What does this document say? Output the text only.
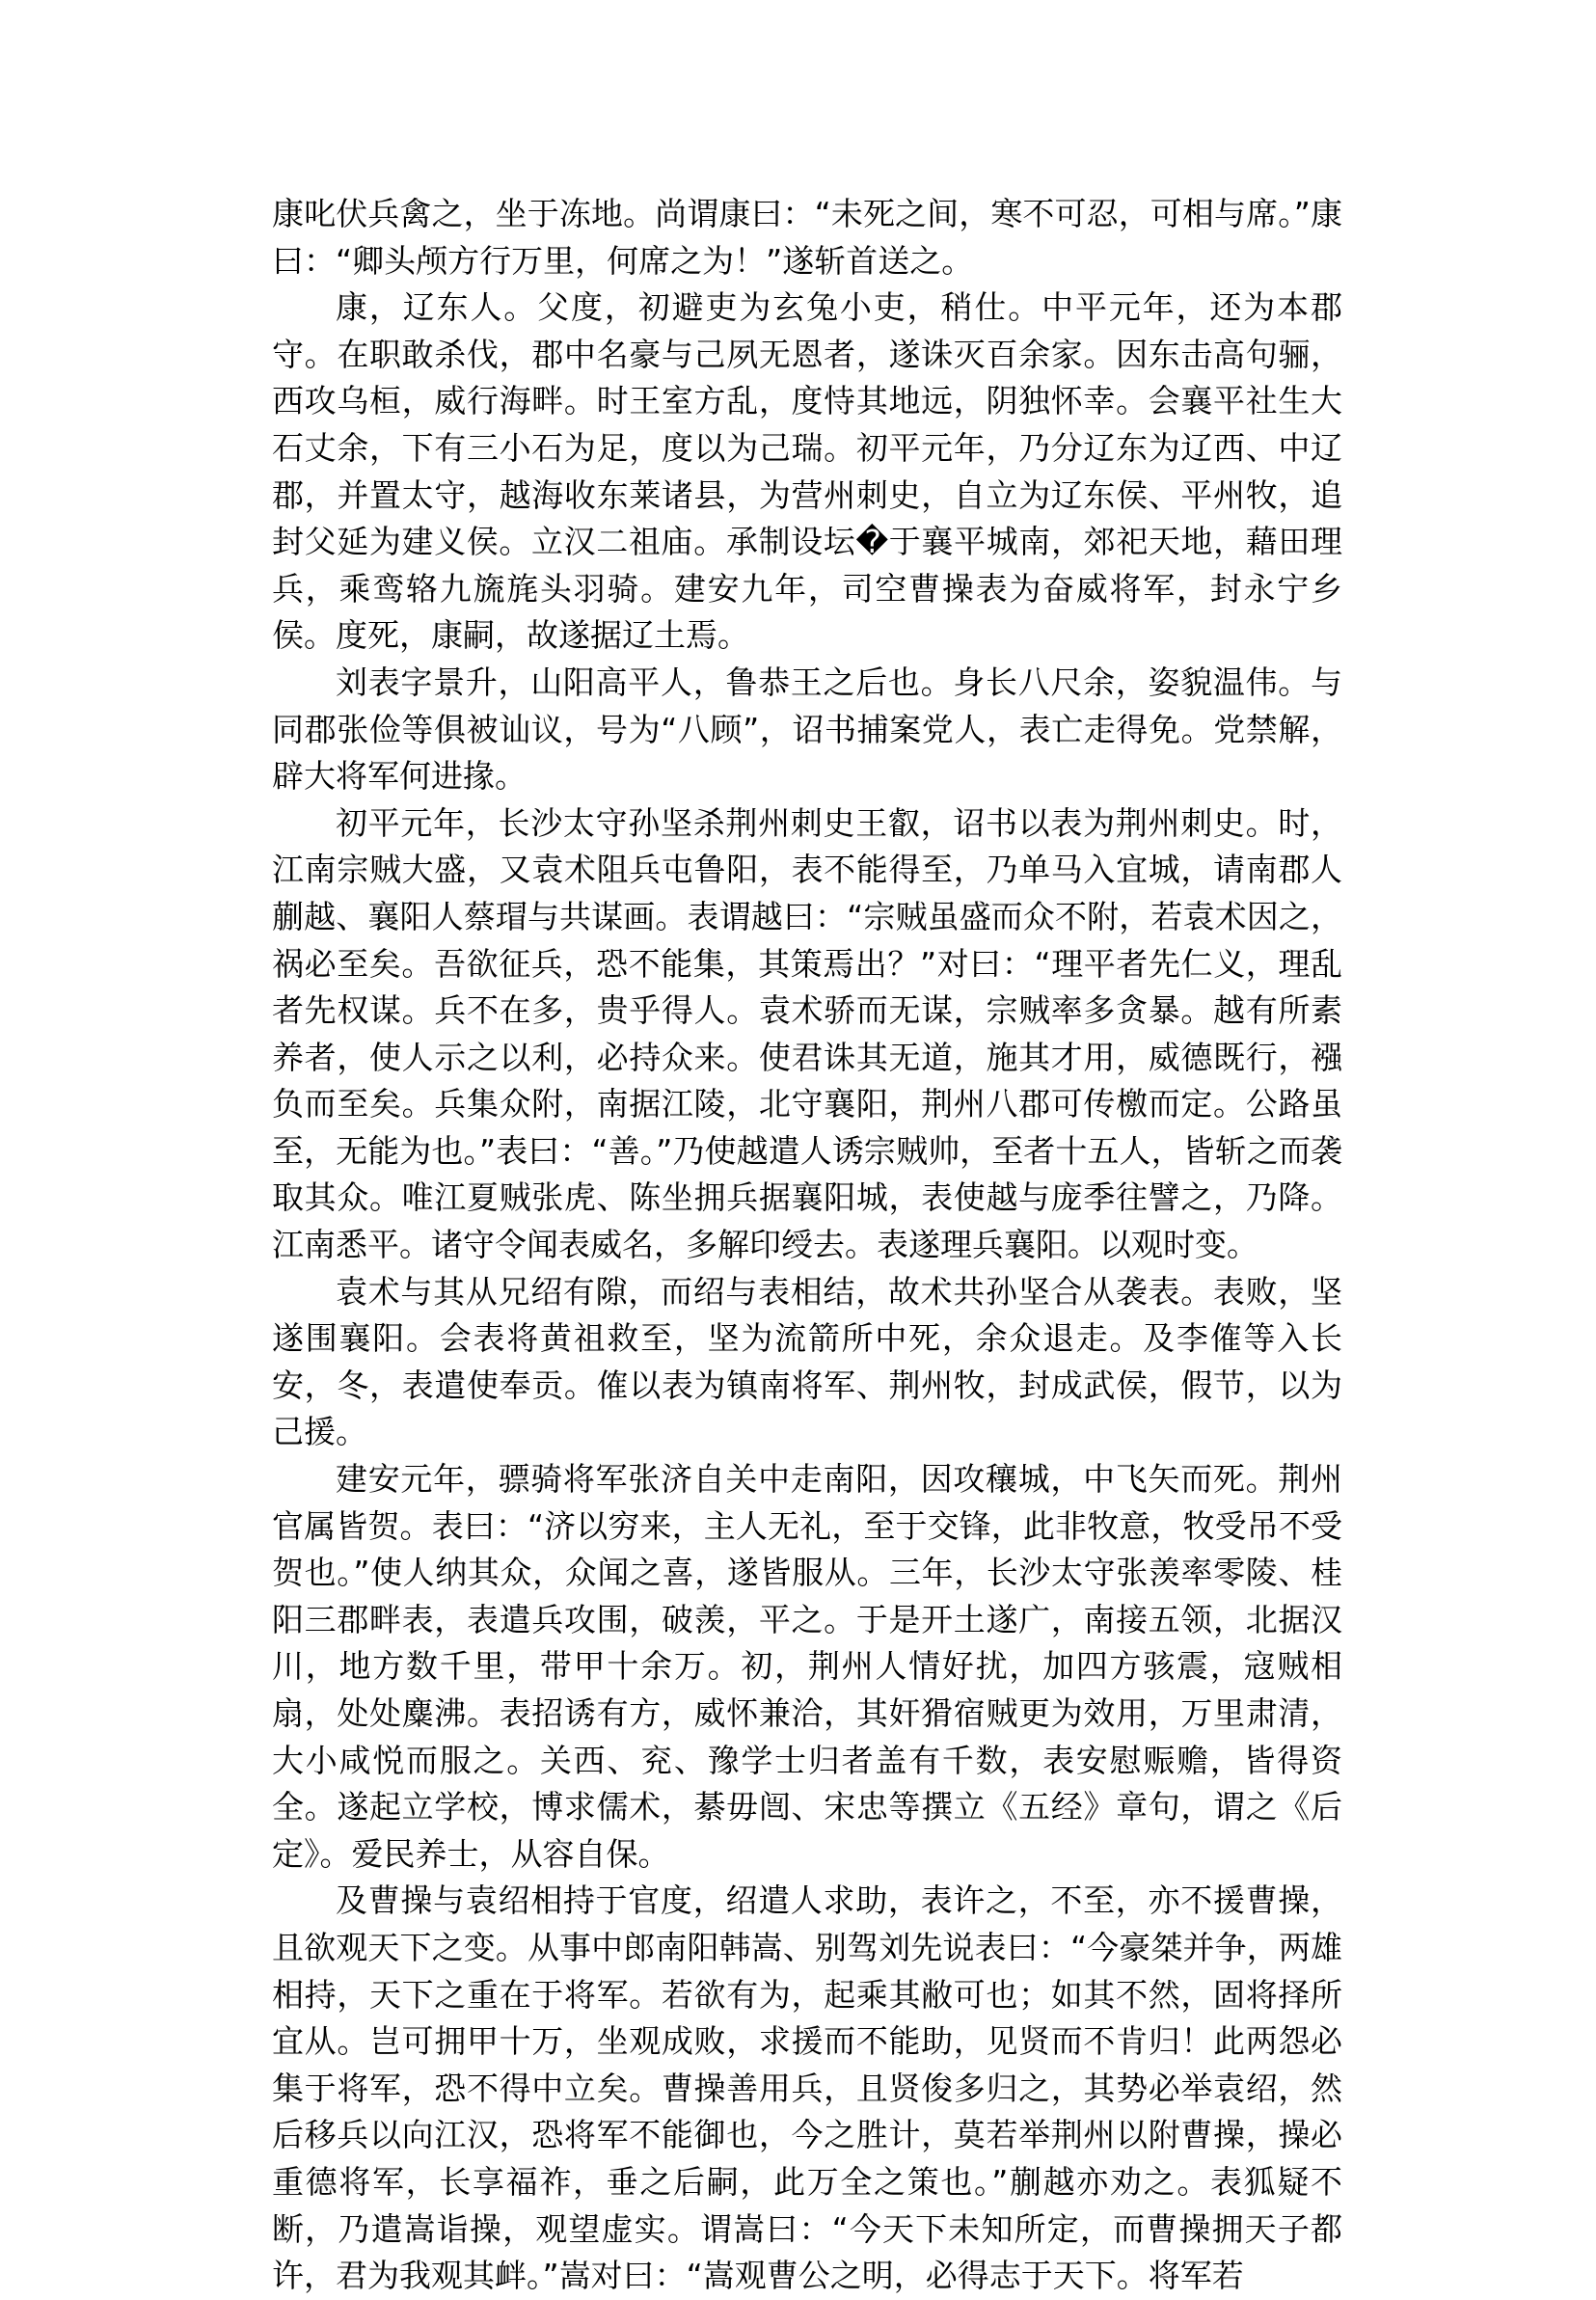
康叱伏兵禽之，坐于冻地。尚谓康曰：“未死之间，寒不可忍，可相与席。”康曰：“卿头颅方行万里，何席之为！”遂斩首送之。

康，辽东人。父度，初避吏为玄兔小吏，稍仕。中平元年，还为本郡守。在职敢杀伐，郡中名豪与己夙无恩者，遂诛灭百余家。因东击高句骊，西攻乌桓，威行海畔。时王室方乱，度恃其地远，阴独怀幸。会襄平社生大石丈余，下有三小石为足，度以为己瑞。初平元年，乃分辽东为辽西、中辽郡，并置太守，越海收东莱诸县，为营州刺史，自立为辽东侯、平州牧，追封父延为建义侯。立汉二祖庙。承制设坛�于襄平城南，郊祀天地，藉田理兵，乘鸾辂九旒旄头羽骑。建安九年，司空曹操表为奋威将军，封永宁乡侯。度死，康嗣，故遂据辽土焉。

刘表字景升，山阳高平人，鲁恭王之后也。身长八尺余，姿貌温伟。与同郡张俭等俱被讪议，号为“八顾”，诏书捕案党人，表亡走得免。党禁解，辟大将军何进掾。

初平元年，长沙太守孙坚杀荆州刺史王叡，诏书以表为荆州刺史。时，江南宗贼大盛，又袁术阻兵屯鲁阳，表不能得至，乃单马入宜城，请南郡人蒯越、襄阳人蔡瑁与共谋画。表谓越曰：“宗贼虽盛而众不附，若袁术因之，祸必至矣。吾欲征兵，恐不能集，其策焉出？”对曰：“理平者先仁义，理乱者先权谋。兵不在多，贵乎得人。袁术骄而无谋，宗贼率多贪暴。越有所素养者，使人示之以利，必持众来。使君诛其无道，施其才用，威德既行，襁负而至矣。兵集众附，南据江陵，北守襄阳，荆州八郡可传檄而定。公路虽至，无能为也。”表曰：“善。”乃使越遣人诱宗贼帅，至者十五人，皆斩之而袭取其众。唯江夏贼张虎、陈坐拥兵据襄阳城，表使越与庞季往譬之，乃降。江南悉平。诸守令闻表威名，多解印绶去。表遂理兵襄阳。以观时变。

袁术与其从兄绍有隙，而绍与表相结，故术共孙坚合从袭表。表败，坚遂围襄阳。会表将黄祖救至，坚为流箭所中死，余众退走。及李傕等入长安，冬，表遣使奉贡。傕以表为镇南将军、荆州牧，封成武侯，假节，以为己援。

建安元年，骠骑将军张济自关中走南阳，因攻穰城，中飞矢而死。荆州官属皆贺。表曰：“济以穷来，主人无礼，至于交锋，此非牧意，牧受吊不受贺也。”使人纳其众，众闻之喜，遂皆服从。三年，长沙太守张羡率零陵、桂阳三郡畔表，表遣兵攻围，破羡，平之。于是开土遂广，南接五领，北据汉川，地方数千里，带甲十余万。初，荆州人情好扰，加四方骇震，寇贼相扇，处处麋沸。表招诱有方，威怀兼洽，其奸猾宿贼更为效用，万里肃清，大小咸悦而服之。关西、兖、豫学士归者盖有千数，表安慰赈赡，皆得资全。遂起立学校，博求儒术，綦毋闿、宋忠等撰立《五经》章句，谓之《后定》。爱民养士，从容自保。

及曹操与袁绍相持于官度，绍遣人求助，表许之，不至，亦不援曹操，且欲观天下之变。从事中郎南阳韩嵩、别驾刘先说表曰：“今豪桀并争，两雄相持，天下之重在于将军。若欲有为，起乘其敝可也；如其不然，固将择所宜从。岂可拥甲十万，坐观成败，求援而不能助，见贤而不肯归！此两怨必集于将军，恐不得中立矣。曹操善用兵，且贤俊多归之，其势必举袁绍，然后移兵以向江汉，恐将军不能御也，今之胜计，莫若举荆州以附曹操，操必重德将军，长享福祚，垂之后嗣，此万全之策也。”蒯越亦劝之。表狐疑不断，乃遣嵩诣操，观望虚实。谓嵩曰：“今天下未知所定，而曹操拥天子都许，君为我观其衅。”嵩对曰：“嵩观曹公之明，必得志于天下。将军若
